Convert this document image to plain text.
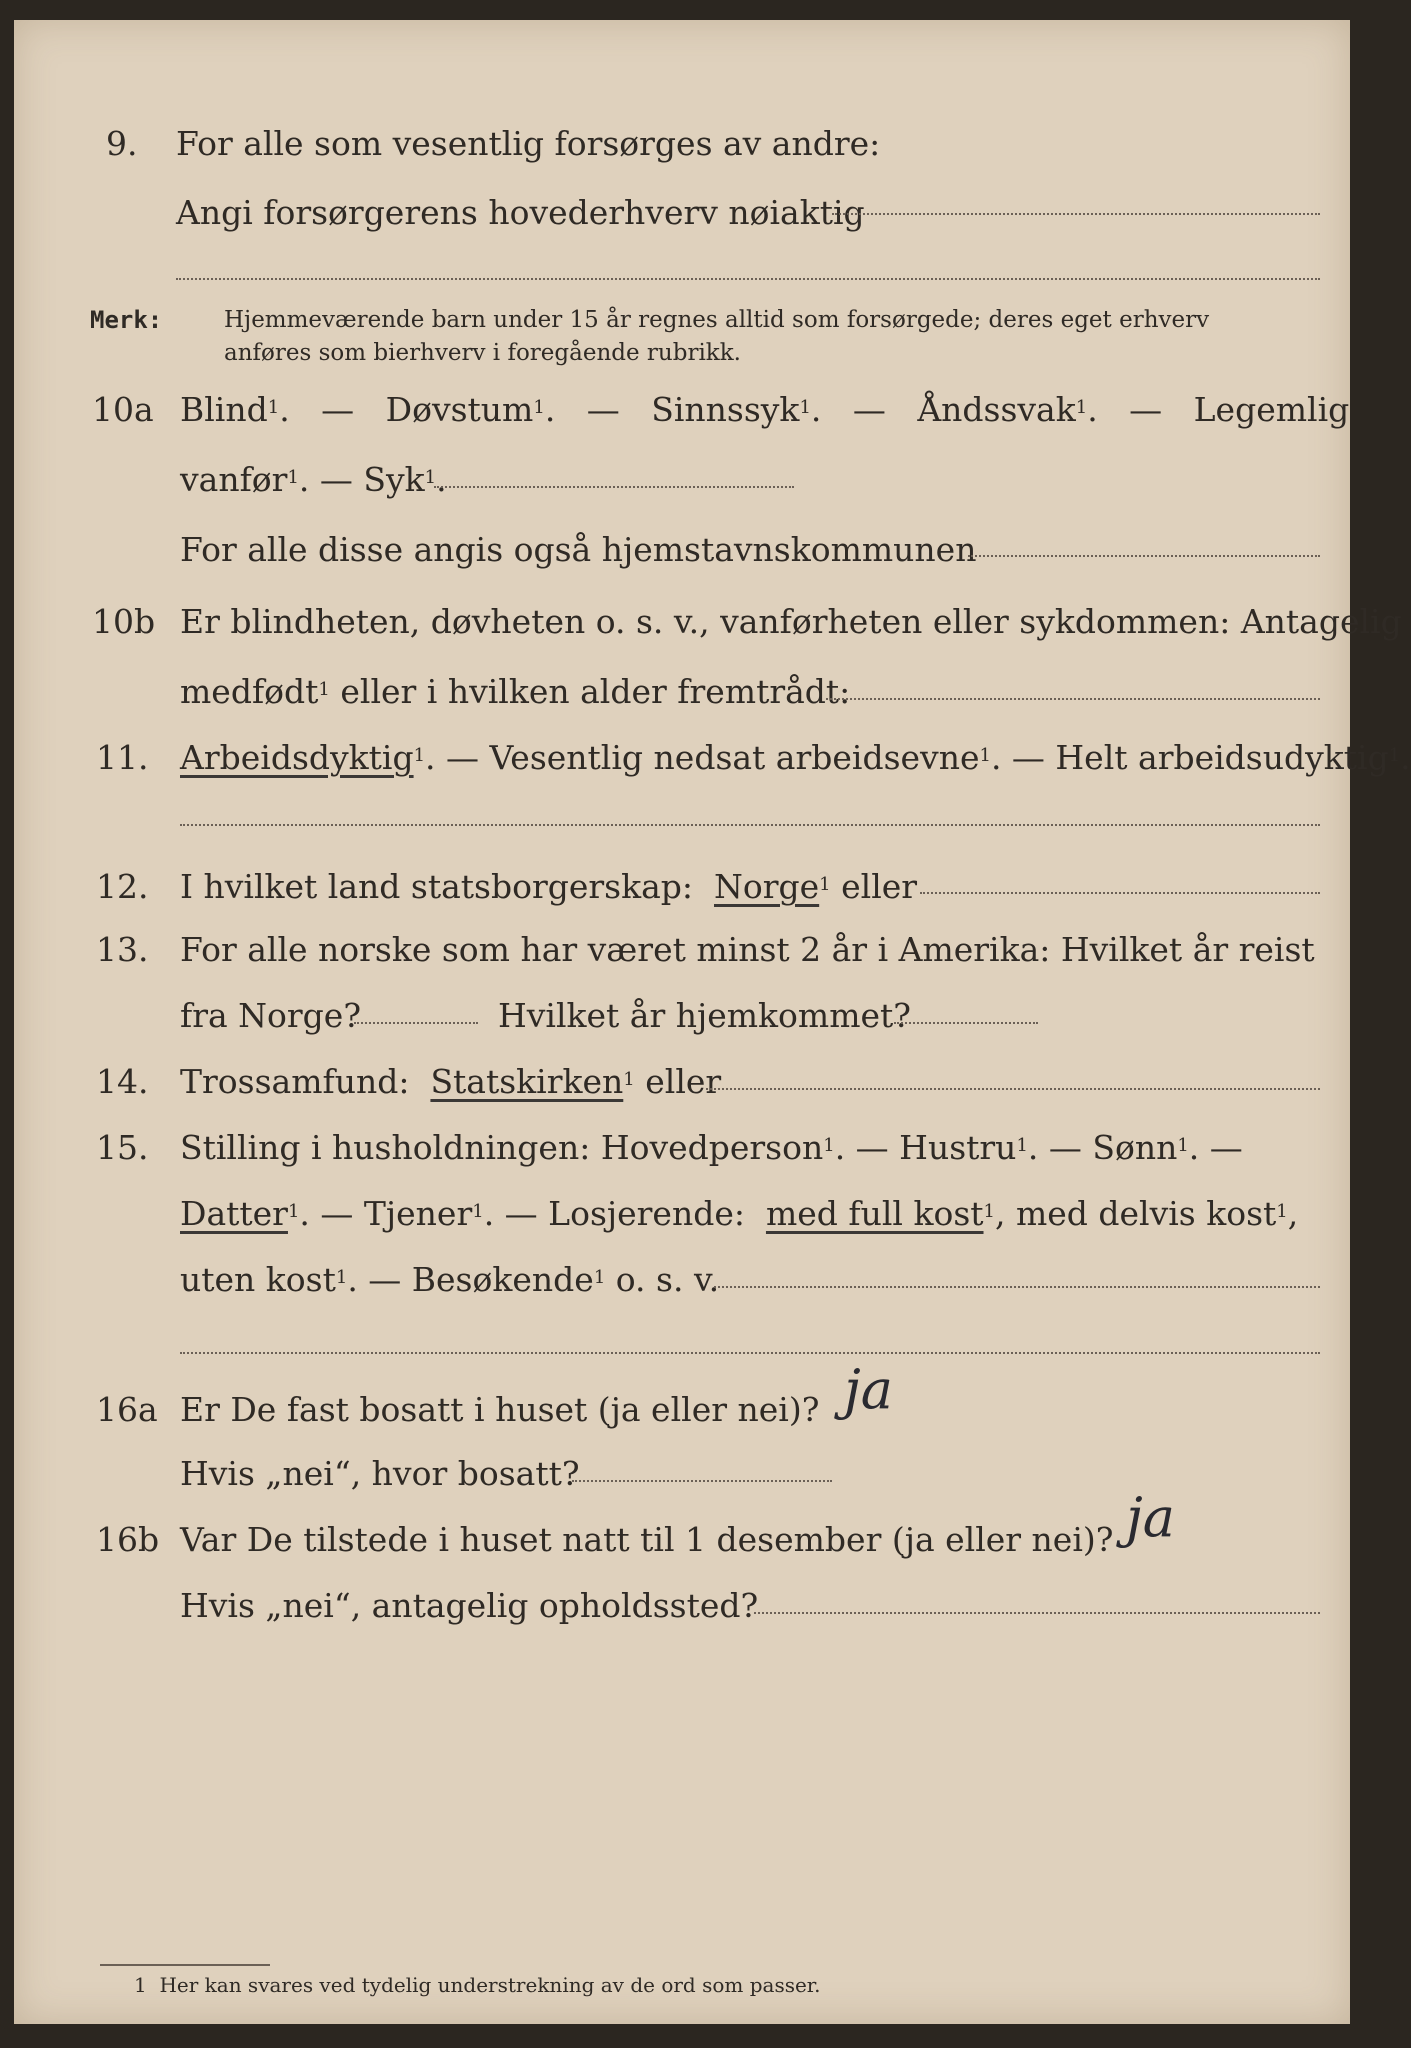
9. For alle som vesentlig forsørges av andre:
Angi forsørgerens hovederhverv nøiaktig
Merk:	Hjemmeværende barn under 15 år regnes alltid som forsørgede; deres eget erhverv
anføres som bierhverv i foregående rubrikk.
10a Blind$^1$.   —   Døvstum$^1$.   —   Sinnssyk$^1$.   —   Åndssvak$^1$.   —   Legemlig
vanfør$^1$. — Syk$^1$.
For alle disse angis også hjemstavnskommunen
10b Er blindheten, døvheten o. s. v., vanførheten eller sykdommen: Antagelig
medfødt$^1$ eller i hvilken alder fremtrådt:
11. Arbeidsdyktig$^1$. — Vesentlig nedsat arbeidsevne$^1$. — Helt arbeidsudyktig$^1$.
12. I hvilket land statsborgerskap: Norge$^1$ eller
13. For alle norske som har været minst 2 år i Amerika: Hvilket år reist
fra Norge?	Hvilket år hjemkommet?
14. Trossamfund: Statskirken$^1$ eller
15. Stilling i husholdningen: Hovedperson$^1$. — Hustru$^1$. — Sønn$^1$. —
Datter$^1$. — Tjener$^1$. — Losjerende: med full kost$^1$, med delvis kost$^1$,
uten kost$^1$. — Besøkende$^1$ o. s. v.
16a Er De fast bosatt i huset (ja eller nei)? ja
Hvis „nei“, hvor bosatt?
16b Var De tilstede i huset natt til 1 desember (ja eller nei)? ja
Hvis „nei“, antagelig opholdssted?
1 Her kan svares ved tydelig understrekning av de ord som passer.
